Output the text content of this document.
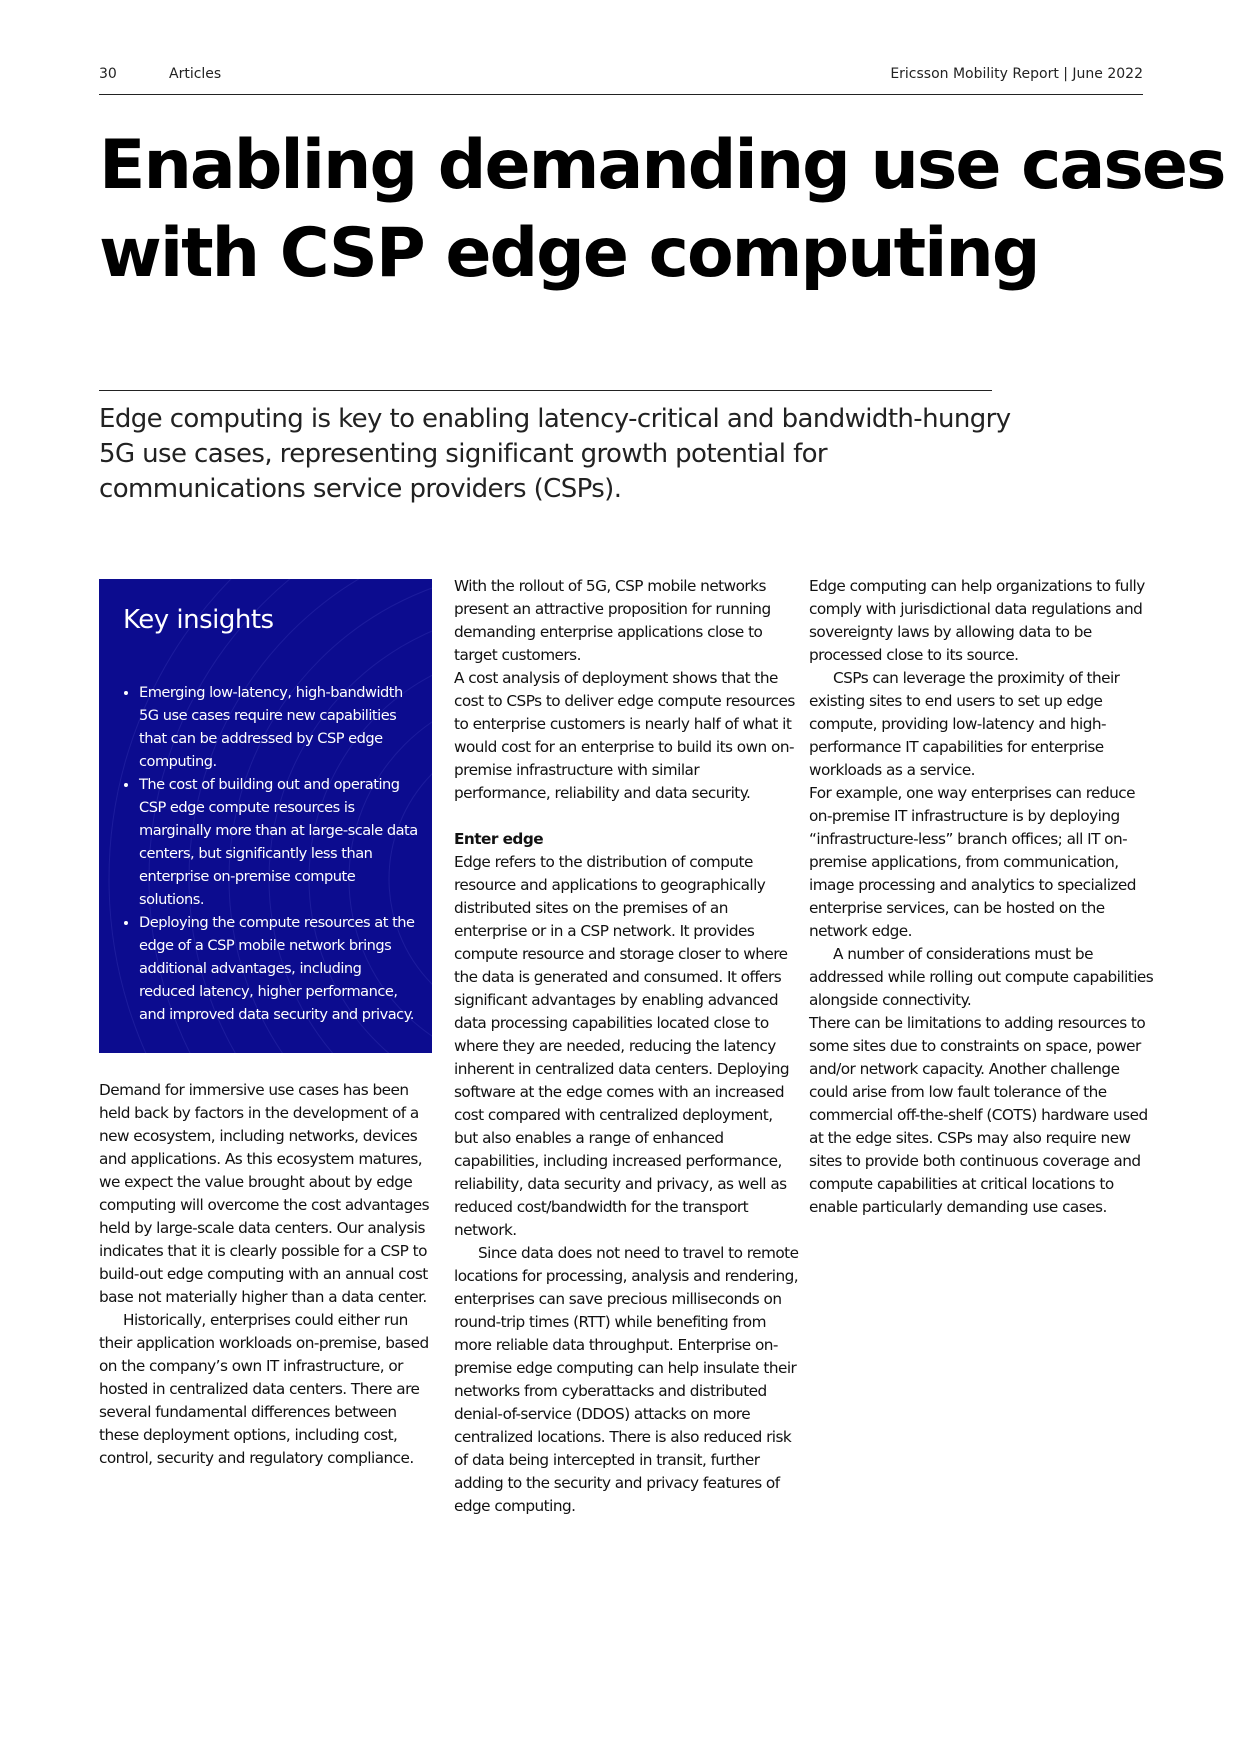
30	Articles	Ericsson Mobility Report | June 2022
Enabling demanding use cases
with CSP edge computing
Edge computing is key to enabling latency-critical and bandwidth-hungry 5G use cases, representing significant growth potential for communications service providers (CSPs).
Key insights
• Emerging low-latency, high-bandwidth 5G use cases require new capabilities that can be addressed by CSP edge computing.
• The cost of building out and operating CSP edge compute resources is marginally more than at large-scale data centers, but significantly less than enterprise on-premise compute solutions.
• Deploying the compute resources at the edge of a CSP mobile network brings additional advantages, including reduced latency, higher performance, and improved data security and privacy.

Demand for immersive use cases has been held back by factors in the development of a new ecosystem, including networks, devices and applications. As this ecosystem matures, we expect the value brought about by edge computing will overcome the cost advantages held by large-scale data centers. Our analysis indicates that it is clearly possible for a CSP to build-out edge computing with an annual cost base not materially higher than a data center.

Historically, enterprises could either run their application workloads on-premise, based on the company’s own IT infrastructure, or hosted in centralized data centers. There are several fundamental differences between these deployment options, including cost, control, security and regulatory compliance.

With the rollout of 5G, CSP mobile networks present an attractive proposition for running demanding enterprise applications close to target customers.

A cost analysis of deployment shows that the cost to CSPs to deliver edge compute resources to enterprise customers is nearly half of what it would cost for an enterprise to build its own on-premise infrastructure with similar performance, reliability and data security.

Enter edge

Edge refers to the distribution of compute resource and applications to geographically distributed sites on the premises of an enterprise or in a CSP network. It provides compute resource and storage closer to where the data is generated and consumed. It offers significant advantages by enabling advanced data processing capabilities located close to where they are needed, reducing the latency inherent in centralized data centers. Deploying software at the edge comes with an increased cost compared with centralized deployment, but also enables a range of enhanced capabilities, including increased performance, reliability, data security and privacy, as well as reduced cost/bandwidth for the transport network.

Since data does not need to travel to remote locations for processing, analysis and rendering, enterprises can save precious milliseconds on round-trip times (RTT) while benefiting from more reliable data throughput. Enterprise on-premise edge computing can help insulate their networks from cyberattacks and distributed denial-of-service (DDOS) attacks on more centralized locations. There is also reduced risk of data being intercepted in transit, further adding to the security and privacy features of edge computing.

Edge computing can help organizations to fully comply with jurisdictional data regulations and sovereignty laws by allowing data to be processed close to its source.

CSPs can leverage the proximity of their existing sites to end users to set up edge compute, providing low-latency and high-performance IT capabilities for enterprise workloads as a service.

For example, one way enterprises can reduce on-premise IT infrastructure is by deploying “infrastructure-less” branch offices; all IT on-premise applications, from communication, image processing and analytics to specialized enterprise services, can be hosted on the network edge.

A number of considerations must be addressed while rolling out compute capabilities alongside connectivity.

There can be limitations to adding resources to some sites due to constraints on space, power and/or network capacity. Another challenge could arise from low fault tolerance of the commercial off-the-shelf (COTS) hardware used at the edge sites. CSPs may also require new sites to provide both continuous coverage and compute capabilities at critical locations to enable particularly demanding use cases.
